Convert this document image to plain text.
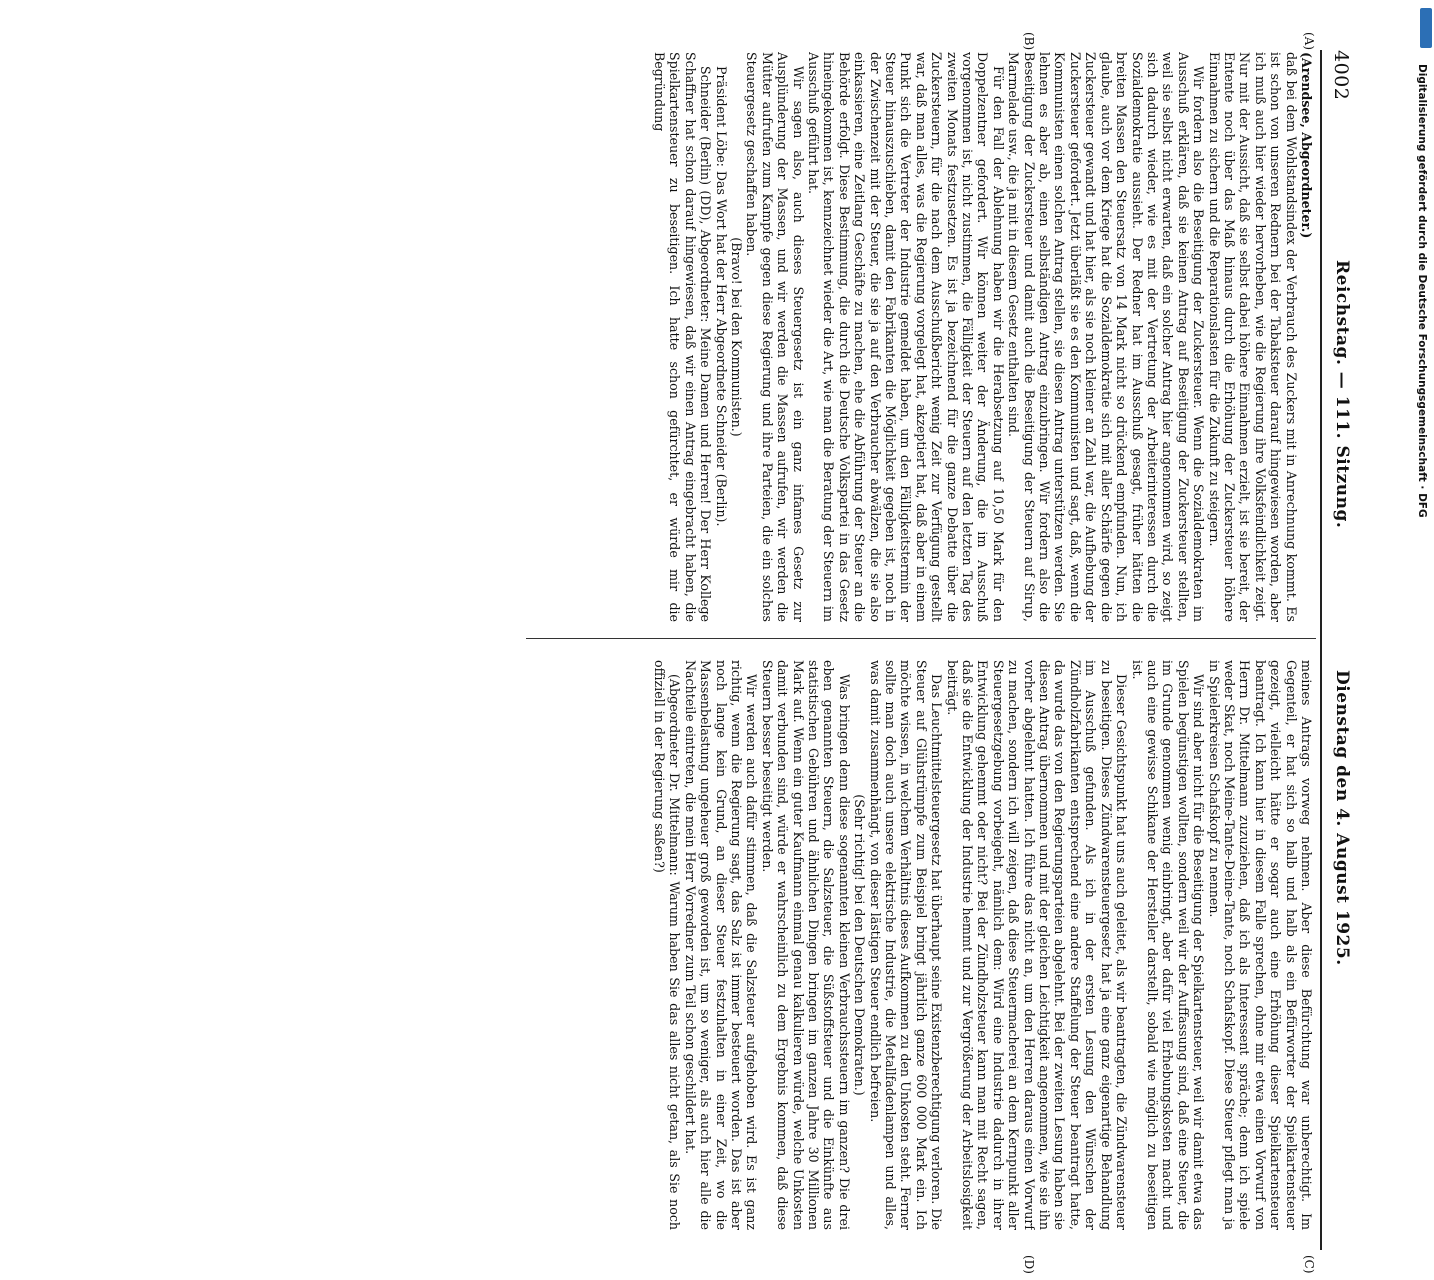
4002
Reichstag. — 111. Sitzung.
Dienstag den 4. August 1925.
(A)
(B)
(C)
(D)

(Arendsee, Abgeordneter.)

daß bei dem Wohlstandsindex der Verbrauch des Zuckers mit in Anrechnung kommt. Es ist schon von unseren Rednern bei der Tabaksteuer darauf hingewiesen worden, aber ich muß auch hier wieder hervorheben, wie die Regierung ihre Volksfeindlichkeit zeigt. Nur mit der Aussicht, daß sie selbst dabei höhere Einnahmen erzielt, ist sie bereit, der Entente noch über das Maß hinaus durch die Erhöhung der Zuckersteuer höhere Einnahmen zu sichern und die Reparationslasten für die Zukunft zu steigern.

Wir fordern also die Beseitigung der Zuckersteuer. Wenn die Sozialdemokraten im Ausschuß erklären, daß sie keinen Antrag auf Beseitigung der Zuckersteuer stellten, weil sie selbst nicht erwarten, daß ein solcher Antrag hier angenommen wird, so zeigt sich dadurch wieder, wie es mit der Vertretung der Arbeiterinteressen durch die Sozialdemokratie aussieht. Der Redner hat im Ausschuß gesagt, früher hätten die breiten Massen den Steuersatz von 14 Mark nicht so drückend empfunden. Nun, ich glaube, auch vor dem Kriege hat die Sozialdemokratie sich mit aller Schärfe gegen die Zuckersteuer gewandt und hat hier, als sie noch kleiner an Zahl war, die Aufhebung der Zuckersteuer gefordert. Jetzt überläßt sie es den Kommunisten und sagt, daß, wenn die Kommunisten einen solchen Antrag stellen, sie diesen Antrag unterstützen werden. Sie lehnen es aber ab, einen selbständigen Antrag einzubringen. Wir fordern also die Beseitigung der Zuckersteuer und damit auch die Beseitigung der Steuern auf Sirup, Marmelade usw., die ja mit in diesem Gesetz enthalten sind.

Für den Fall der Ablehnung haben wir die Herabsetzung auf 10,50 Mark für den Doppelzentner gefordert. Wir können weiter der Änderung, die im Ausschuß vorgenommen ist, nicht zustimmen, die Fälligkeit der Steuern auf den letzten Tag des zweiten Monats festzusetzen. Es ist ja bezeichnend für die ganze Debatte über die Zuckersteuern, für die nach dem Ausschußbericht wenig Zeit zur Verfügung gestellt war, daß man alles, was die Regierung vorgelegt hat, akzeptiert hat, daß aber in einem Punkt sich die Vertreter der Industrie gemeldet haben, um den Fälligkeitstermin der Steuer hinauszuschieben, damit den Fabrikanten die Möglichkeit gegeben ist, noch in der Zwischenzeit mit der Steuer, die sie ja auf den Verbraucher abwälzen, die sie also einkassieren, eine Zeitlang Geschäfte zu machen, ehe die Abführung der Steuer an die Behörde erfolgt. Diese Bestimmung, die durch die Deutsche Volkspartei in das Gesetz hineingekommen ist, kennzeichnet wieder die Art, wie man die Beratung der Steuern im Ausschuß geführt hat.

Wir sagen also, auch dieses Steuergesetz ist ein ganz infames Gesetz zur Ausplünderung der Massen, und wir werden die Massen aufrufen, wir werden die Mütter aufrufen zum Kampfe gegen diese Regierung und ihre Parteien, die ein solches Steuergesetz geschaffen haben.

(Bravo! bei den Kommunisten.)

Präsident Löbe: Das Wort hat der Herr Abgeordnete Schneider (Berlin).

Schneider (Berlin) (DD), Abgeordneter: Meine Damen und Herren! Der Herr Kollege Schaffner hat schon darauf hingewiesen, daß wir einen Antrag eingebracht haben, die Spielkartensteuer zu beseitigen. Ich hatte schon gefürchtet, er würde mir die Begründung

meines Antrags vorweg nehmen. Aber diese Befürchtung war unberechtigt. Im Gegenteil, er hat sich so halb und halb als ein Befürworter der Spielkartensteuer gezeigt, vielleicht hätte er sogar auch eine Erhöhung dieser Spielkartensteuer beantragt. Ich kann hier in diesem Falle sprechen, ohne mir etwa einen Vorwurf von Herrn Dr. Mittelmann zuzuziehen, daß ich als Interessent spräche; denn ich spiele weder Skat, noch Meine-Tante-Deine-Tante, noch Schafskopf. Diese Steuer pflegt man ja in Spielerkreisen Schafskopf zu nennen.

Wir sind aber nicht für die Beseitigung der Spielkartensteuer, weil wir damit etwa das Spielen begünstigen wollten, sondern weil wir der Auffassung sind, daß eine Steuer, die im Grunde genommen wenig einbringt, aber dafür viel Erhebungskosten macht und auch eine gewisse Schikane der Hersteller darstellt, sobald wie möglich zu beseitigen ist.

Dieser Gesichtspunkt hat uns auch geleitet, als wir beantragten, die Zündwarensteuer zu beseitigen. Dieses Zündwarensteuergesetz hat ja eine ganz eigenartige Behandlung im Ausschuß gefunden. Als ich in der ersten Lesung den Wünschen der Zündholzfabrikanten entsprechend eine andere Staffelung der Steuer beantragt hatte, da wurde das von den Regierungsparteien abgelehnt. Bei der zweiten Lesung haben sie diesen Antrag übernommen und mit der gleichen Leichtigkeit angenommen, wie sie ihn vorher abgelehnt hatten. Ich führe das nicht an, um den Herren daraus einen Vorwurf zu machen, sondern ich will zeigen, daß diese Steuermacherei an dem Kernpunkt aller Steuergesetzgebung vorbeigeht, nämlich dem: Wird eine Industrie dadurch in ihrer Entwicklung gehemmt oder nicht? Bei der Zündholzsteuer kann man mit Recht sagen, daß sie die Entwicklung der Industrie hemmt und zur Vergrößerung der Arbeitslosigkeit beiträgt.

Das Leuchtmittelsteuergesetz hat überhaupt seine Existenzberechtigung verloren. Die Steuer auf Glühstrümpfe zum Beispiel bringt jährlich ganze 600 000 Mark ein. Ich möchte wissen, in welchem Verhältnis dieses Aufkommen zu den Unkosten steht. Ferner sollte man doch auch unsere elektrische Industrie, die Metallfadenlampen und alles, was damit zusammenhängt, von dieser lästigen Steuer endlich befreien.

(Sehr richtig! bei den Deutschen Demokraten.)

Was bringen denn diese sogenannten kleinen Verbrauchssteuern im ganzen? Die drei eben genannten Steuern, die Salzsteuer, die Süßstoffsteuer und die Einkünfte aus statistischen Gebühren und ähnlichen Dingen bringen im ganzen Jahre 30 Millionen Mark auf. Wenn ein guter Kaufmann einmal genau kalkulieren würde, welche Unkosten damit verbunden sind, würde er wahrscheinlich zu dem Ergebnis kommen, daß diese Steuern besser beseitigt werden.

Wir werden auch dafür stimmen, daß die Salzsteuer aufgehoben wird. Es ist ganz richtig, wenn die Regierung sagt, das Salz ist immer besteuert worden. Das ist aber noch lange kein Grund, an dieser Steuer festzuhalten in einer Zeit, wo die Massenbelastung ungeheuer groß geworden ist, um so weniger, als auch hier alle die Nachteile eintreten, die mein Herr Vorredner zum Teil schon geschildert hat.

(Abgeordneter Dr. Mittelmann: Warum haben Sie das alles nicht getan, als Sie noch offiziell in der Regierung saßen?)

Digitalisierung gefördert durch die Deutsche Forschungsgemeinschaft · DFG
